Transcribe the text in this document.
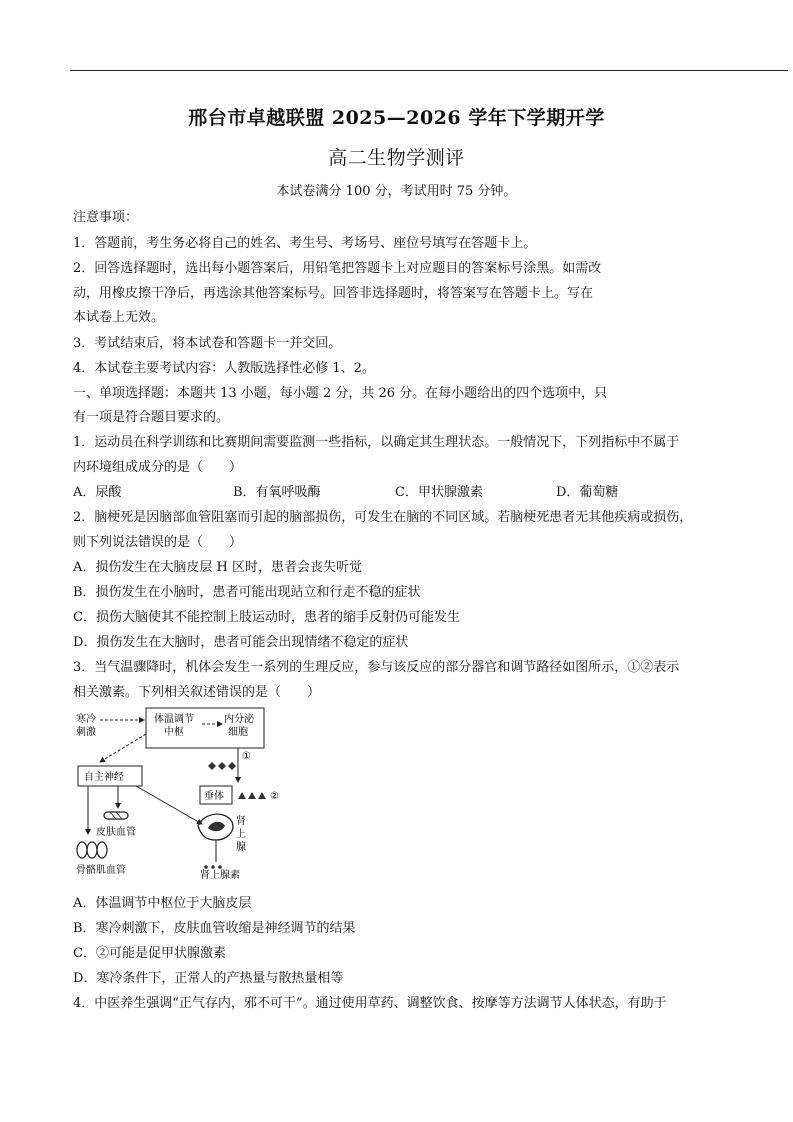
邢台市卓越联盟 2025—2026 学年下学期开学
高二生物学测评
本试卷满分 100 分，考试用时 75 分钟。
注意事项：
1．答题前，考生务必将自己的姓名、考生号、考场号、座位号填写在答题卡上。
2．回答选择题时，选出每小题答案后，用铅笔把答题卡上对应题目的答案标号涂黑。如需改
动，用橡皮擦干净后，再选涂其他答案标号。回答非选择题时，将答案写在答题卡上。写在
本试卷上无效。
3．考试结束后，将本试卷和答题卡一并交回。
4．本试卷主要考试内容：人教版选择性必修 1、2。
一、单项选择题：本题共 13 小题，每小题 2 分，共 26 分。在每小题给出的四个选项中，只
有一项是符合题目要求的。
1．运动员在科学训练和比赛期间需要监测一些指标，以确定其生理状态。一般情况下，下列指标中不属于
内环境组成成分的是（　　）
A．尿酸	B．有氧呼吸酶	C．甲状腺激素	D．葡萄糖
2．脑梗死是因脑部血管阻塞而引起的脑部损伤，可发生在脑的不同区域。若脑梗死患者无其他疾病或损伤，
则下列说法错误的是（　　）
A．损伤发生在大脑皮层 H 区时，患者会丧失听觉
B．损伤发生在小脑时，患者可能出现站立和行走不稳的症状
C．损伤大脑使其不能控制上肢运动时，患者的缩手反射仍可能发生
D．损伤发生在大脑时，患者可能会出现情绪不稳定的症状
3．当气温骤降时，机体会发生一系列的生理反应，参与该反应的部分器官和调节路径如图所示，①②表示
相关激素。下列相关叙述错误的是（　　）
寒冷
刺激
体温调节
中枢
内分泌
细胞
①
自主神经
垂体	②
皮肤血管
骨骼肌血管
肾
上
腺
肾上腺素
A．体温调节中枢位于大脑皮层
B．寒冷刺激下，皮肤血管收缩是神经调节的结果
C．②可能是促甲状腺激素
D．寒冷条件下，正常人的产热量与散热量相等
4．中医养生强调“正气存内，邪不可干”。通过使用草药、调整饮食、按摩等方法调节人体状态，有助于
